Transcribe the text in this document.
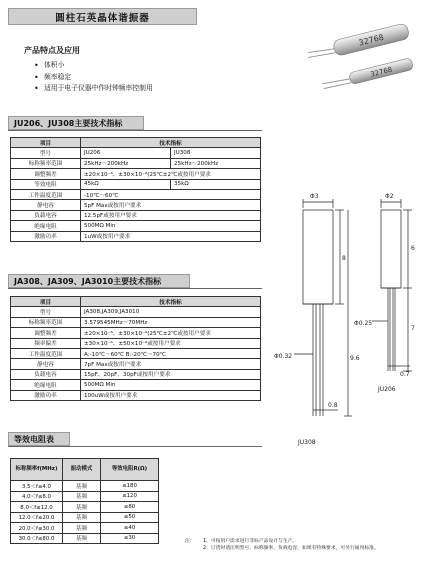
圆柱石英晶体谐振器
产品特点及应用
• 体积小
• 频率稳定
• 适用于电子仪器中作时钟频率控制用
32768
32768
JU206、JU308主要技术指标
项目	技术指标	
型号	JU206	JU308
标称频率范围	25kHz～200kHz	25kHz～200kHz
调整频差	±20×10⁻⁶、±30×10⁻⁶(25℃±2℃或按用户要求	
等效电阻	45kΩ	35kΩ
工作温度范围	-10℃～60℃	
静电容	5pF Max或按用户要求	
负载电容	12.5pF或按用户要求	
绝缘电阻	500MΩ Min	
激励功率	1uW或按用户要求	
JA308、JA309、JA3010主要技术指标
项目	技术指标
型号	JA308,JA309,JA3010
标称频率范围	3.579545MHz～70MHz
调整频差	±20×10⁻⁶、±30×10⁻⁶(25℃±2℃或按用户要求
频率偏差	±30×10⁻⁶、±50×10⁻⁶或按用户要求
工作温度范围	A:-10℃～60℃ B:-20℃～70℃
静电容	7pF Max或按用户要求
负载电容	15pF、20pF、30pF或按用户要求
绝缘电阻	500MΩ Min
激励功率	100uW或按用户要求
等效电阻表
标称频率f(MHz)	振动模式	等效电阻R(Ω)
3.5＜f≤4.0	基频	≤180
4.0＜f≤8.0	基频	≤120
8.0＜f≤12.0	基频	≤80
12.0＜f≤20.0	基频	≤50
20.0＜f≤30.0	基频	≤40
30.0＜f≤80.0	基频	≤30
Φ3
8
9.6
Φ0.32
0.8
JU308
Φ2
6
7
Φ0.25
0.7
JU206
注：	1、 可按用户需求进行非标产品设计与生产。
2、 订货时请注明型号、标称频率、负载电容，如果有特殊要求，可另行通用标准。
